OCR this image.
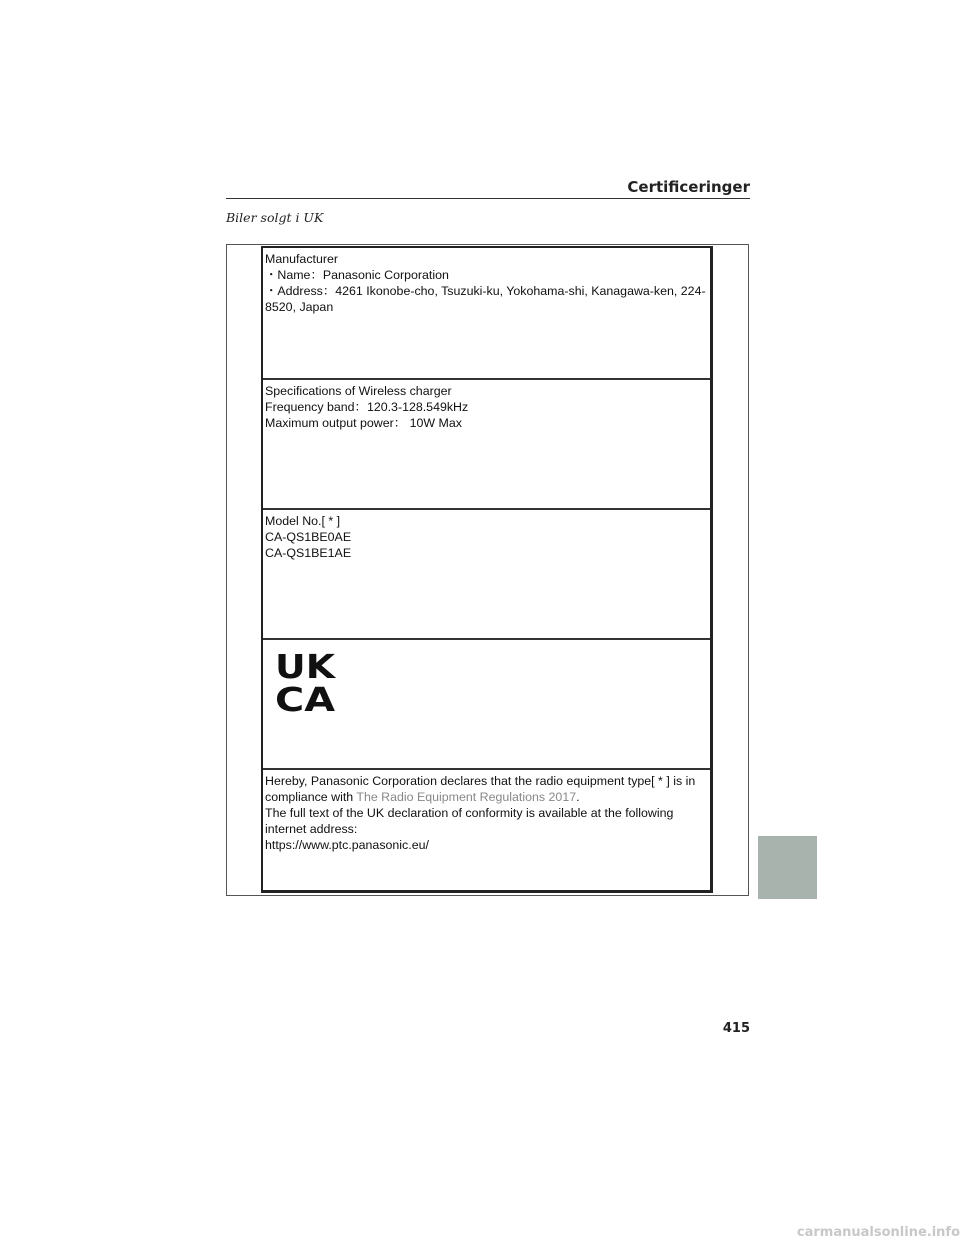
Certificeringer
Biler solgt i UK

Manufacturer

・Name：Panasonic Corporation

・Address：4261 Ikonobe-cho, Tsuzuki-ku, Yokohama-shi, Kanagawa-ken, 224-

8520, Japan

Specifications of Wireless charger

Frequency band：120.3-128.549kHz

Maximum output power： 10W Max

Model No.[ * ]

CA-QS1BE0AE

CA-QS1BE1AE

UK
CA

Hereby, Panasonic Corporation declares that the radio equipment type[ * ] is in

compliance with The Radio Equipment Regulations 2017.

The full text of the UK declaration of conformity is available at the following

internet address:

https://www.ptc.panasonic.eu/

415
carmanualsonline.info
